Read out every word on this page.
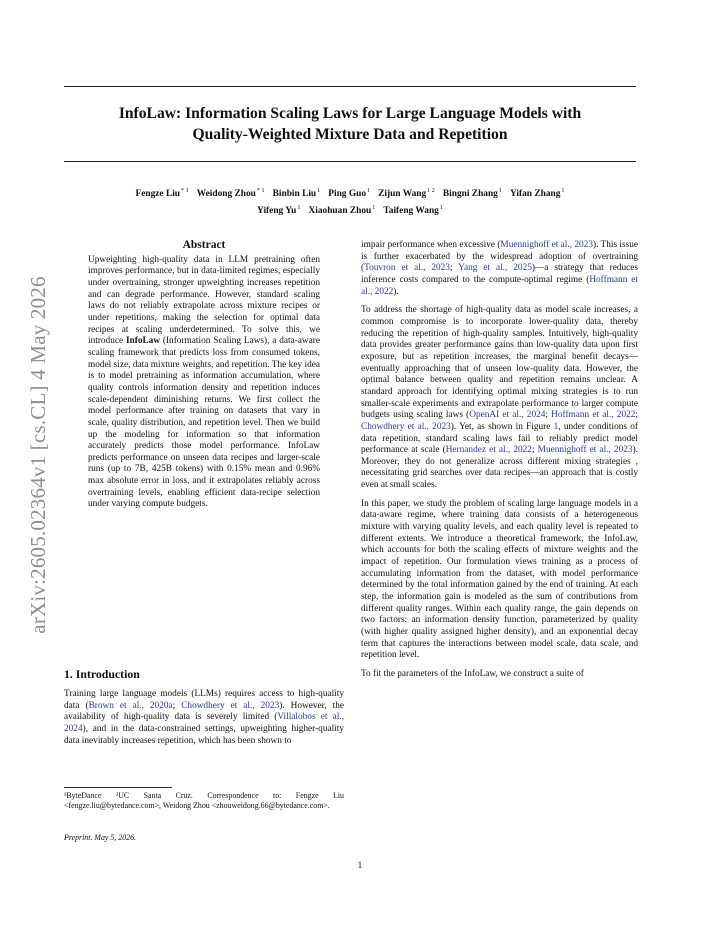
InfoLaw: Information Scaling Laws for Large Language Models with
Quality-Weighted Mixture Data and Repetition
Fengze Liu$^{* 1}$ Weidong Zhou$^{* 1}$ Binbin Liu$^1$ Ping Guo$^1$ Zijun Wang$^{1 2}$ Bingni Zhang$^1$ Yifan Zhang$^1$
Yifeng Yu$^1$ Xiaohuan Zhou$^1$ Taifeng Wang$^1$
arXiv:2605.02364v1 [cs.CL] 4 May 2026
Abstract
Upweighting high-quality data in LLM pretraining often improves performance, but in data-limited regimes, especially under overtraining, stronger upweighting increases repetition and can degrade performance. However, standard scaling laws do not reliably extrapolate across mixture recipes or under repetitions, making the selection for optimal data recipes at scaling underdetermined. To solve this, we introduce InfoLaw (Information Scaling Laws), a data-aware scaling framework that predicts loss from consumed tokens, model size, data mixture weights, and repetition. The key idea is to model pretraining as information accumulation, where quality controls information density and repetition induces scale-dependent diminishing returns. We first collect the model performance after training on datasets that vary in scale, quality distribution, and repetition level. Then we build up the modeling for information so that information accurately predicts those model performance. InfoLaw predicts performance on unseen data recipes and larger-scale runs (up to 7B, 425B tokens) with 0.15% mean and 0.96% max absolute error in loss, and it extrapolates reliably across overtraining levels, enabling efficient data-recipe selection under varying compute budgets.
1. Introduction
Training large language models (LLMs) requires access to high-quality data (Brown et al., 2020a; Chowdhery et al., 2023). However, the availability of high-quality data is severely limited (Villalobos et al., 2024), and in the data-constrained settings, upweighting higher-quality data inevitably increases repetition, which has been shown to
¹ByteDance ²UC Santa Cruz. Correspondence to: Fengze Liu <fengze.liu@bytedance.com>, Weidong Zhou <zhouweidong.66@bytedance.com>.
Preprint. May 5, 2026.

impair performance when excessive (Muennighoff et al., 2023). This issue is further exacerbated by the widespread adoption of overtraining (Touvron et al., 2023; Yang et al., 2025)—a strategy that reduces inference costs compared to the compute-optimal regime (Hoffmann et al., 2022).

To address the shortage of high-quality data as model scale increases, a common compromise is to incorporate lower-quality data, thereby reducing the repetition of high-quality samples. Intuitively, high-quality data provides greater performance gains than low-quality data upon first exposure, but as repetition increases, the marginal benefit decays—eventually approaching that of unseen low-quality data. However, the optimal balance between quality and repetition remains unclear. A standard approach for identifying optimal mixing strategies is to run smaller-scale experiments and extrapolate performance to larger compute budgets using scaling laws (OpenAI et al., 2024; Hoffmann et al., 2022; Chowdhery et al., 2023). Yet, as shown in Figure 1, under conditions of data repetition, standard scaling laws fail to reliably predict model performance at scale (Hernandez et al., 2022; Muennighoff et al., 2023). Moreover, they do not generalize across different mixing strategies , necessitating grid searches over data recipes—an approach that is costly even at small scales.

In this paper, we study the problem of scaling large language models in a data-aware regime, where training data consists of a heterogeneous mixture with varying quality levels, and each quality level is repeated to different extents. We introduce a theoretical framework, the InfoLaw, which accounts for both the scaling effects of mixture weights and the impact of repetition. Our formulation views training as a process of accumulating information from the dataset, with model performance determined by the total information gained by the end of training. At each step, the information gain is modeled as the sum of contributions from different quality ranges. Within each quality range, the gain depends on two factors: an information density function, parameterized by quality (with higher quality assigned higher density), and an exponential decay term that captures the interactions between model scale, data scale, and repetition level.

To fit the parameters of the InfoLaw, we construct a suite of

1
